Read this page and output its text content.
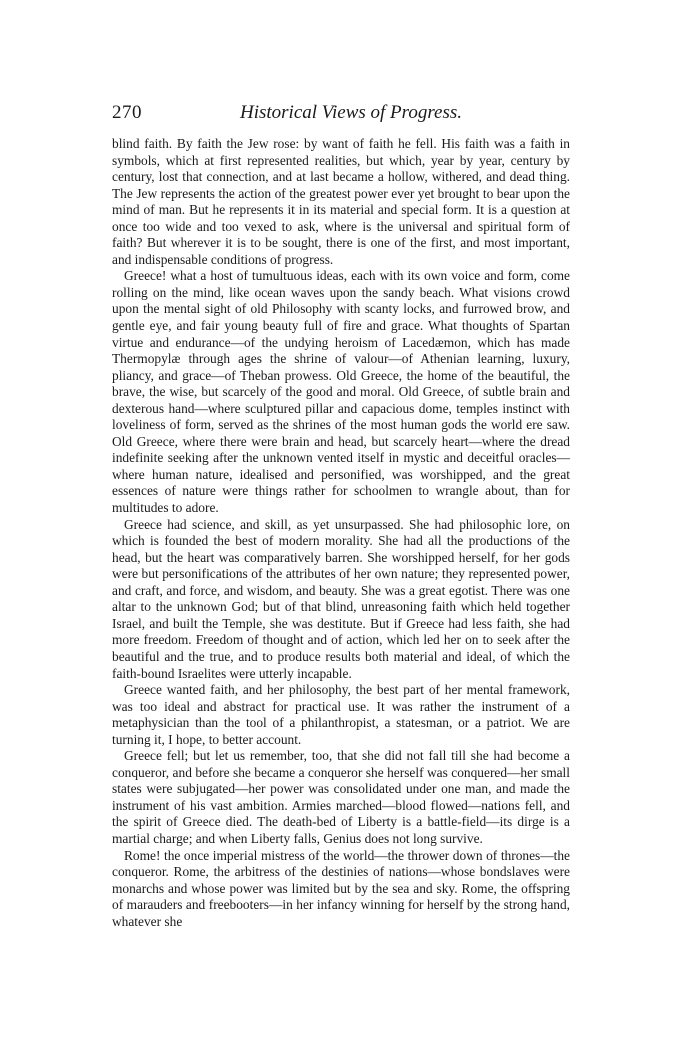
270	Historical Views of Progress.

blind faith. By faith the Jew rose: by want of faith he fell. His faith was a faith in symbols, which at first represented realities, but which, year by year, century by century, lost that connection, and at last became a hollow, withered, and dead thing. The Jew represents the action of the greatest power ever yet brought to bear upon the mind of man. But he represents it in its material and special form. It is a question at once too wide and too vexed to ask, where is the universal and spiritual form of faith? But wherever it is to be sought, there is one of the first, and most important, and indispensable conditions of progress.

Greece! what a host of tumultuous ideas, each with its own voice and form, come rolling on the mind, like ocean waves upon the sandy beach. What visions crowd upon the mental sight of old Philosophy with scanty locks, and furrowed brow, and gentle eye, and fair young beauty full of fire and grace. What thoughts of Spartan virtue and endurance—of the undying heroism of Lacedæmon, which has made Thermopylæ through ages the shrine of valour—of Athenian learning, luxury, pliancy, and grace—of Theban prowess. Old Greece, the home of the beautiful, the brave, the wise, but scarcely of the good and moral. Old Greece, of subtle brain and dexterous hand—where sculptured pillar and capacious dome, temples instinct with loveliness of form, served as the shrines of the most human gods the world ere saw. Old Greece, where there were brain and head, but scarcely heart—where the dread indefinite seeking after the unknown vented itself in mystic and deceitful oracles—where human nature, idealised and personified, was worshipped, and the great essences of nature were things rather for schoolmen to wrangle about, than for multitudes to adore.

Greece had science, and skill, as yet unsurpassed. She had philosophic lore, on which is founded the best of modern morality. She had all the productions of the head, but the heart was comparatively barren. She worshipped herself, for her gods were but personifications of the attributes of her own nature; they represented power, and craft, and force, and wisdom, and beauty. She was a great egotist. There was one altar to the unknown God; but of that blind, unreasoning faith which held together Israel, and built the Temple, she was destitute. But if Greece had less faith, she had more freedom. Freedom of thought and of action, which led her on to seek after the beautiful and the true, and to produce results both material and ideal, of which the faith-bound Israelites were utterly incapable.

Greece wanted faith, and her philosophy, the best part of her mental framework, was too ideal and abstract for practical use. It was rather the instrument of a metaphysician than the tool of a philanthropist, a statesman, or a patriot. We are turning it, I hope, to better account.

Greece fell; but let us remember, too, that she did not fall till she had become a conqueror, and before she became a conqueror she herself was conquered—her small states were subjugated—her power was consolidated under one man, and made the instrument of his vast ambition. Armies marched—blood flowed—nations fell, and the spirit of Greece died. The death-bed of Liberty is a battle-field—its dirge is a martial charge; and when Liberty falls, Genius does not long survive.

Rome! the once imperial mistress of the world—the thrower down of thrones—the conqueror. Rome, the arbitress of the destinies of nations—whose bondslaves were monarchs and whose power was limited but by the sea and sky. Rome, the offspring of marauders and freebooters—in her infancy winning for herself by the strong hand, whatever she
